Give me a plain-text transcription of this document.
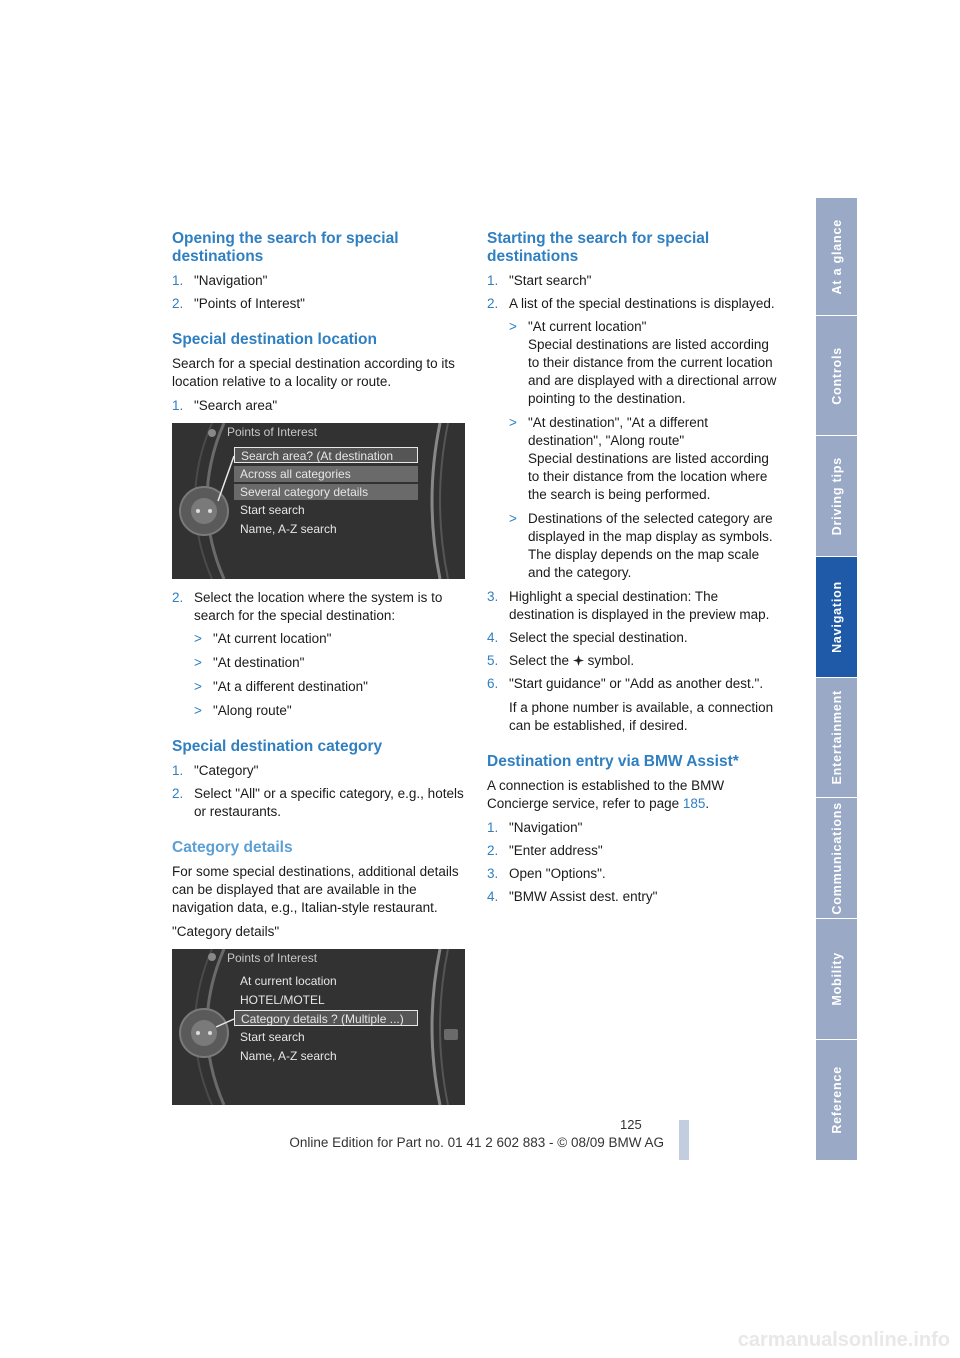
Opening the search for special destinations
1. "Navigation"
2. "Points of Interest"
Special destination location

Search for a special destination according to its location relative to a locality or route.

1. "Search area"
Points of Interest
Search area? (At destination
Across all categories
Several category details
Start search
Name, A-Z search
2. Select the location where the system is to search for the special destination:
> "At current location"
> "At destination"
> "At a different destination"
> "Along route"
Special destination category
1. "Category"
2. Select "All" or a specific category, e.g., hotels or restaurants.
Category details

For some special destinations, additional details can be displayed that are available in the navigation data, e.g., Italian-style restaurant.

"Category details"

Points of Interest
At current location
HOTEL/MOTEL
Category details ? (Multiple ...)
Start search
Name, A-Z search
Starting the search for special destinations
1. "Start search"
2. A list of the special destinations is displayed.
> "At current location"
Special destinations are listed according to their distance from the current location and are displayed with a directional arrow pointing to the destination.
> "At destination", "At a different destination", "Along route"
Special destinations are listed according to their distance from the location where the search is being performed.
> Destinations of the selected category are displayed in the map display as symbols. The display depends on the map scale and the category.
3. Highlight a special destination: The destination is displayed in the preview map.
4. Select the special destination.
5. Select the symbol.
6. "Start guidance" or "Add as another dest.".
If a phone number is available, a connection can be established, if desired.
Destination entry via BMW Assist*

A connection is established to the BMW Concierge service, refer to page 185.

1. "Navigation"
2. "Enter address"
3. Open "Options".
4. "BMW Assist dest. entry"
At a glance
Controls
Driving tips
Navigation
Entertainment
Communications
Mobility
Reference
125
Online Edition for Part no. 01 41 2 602 883 - © 08/09 BMW AG
carmanualsonline.info
